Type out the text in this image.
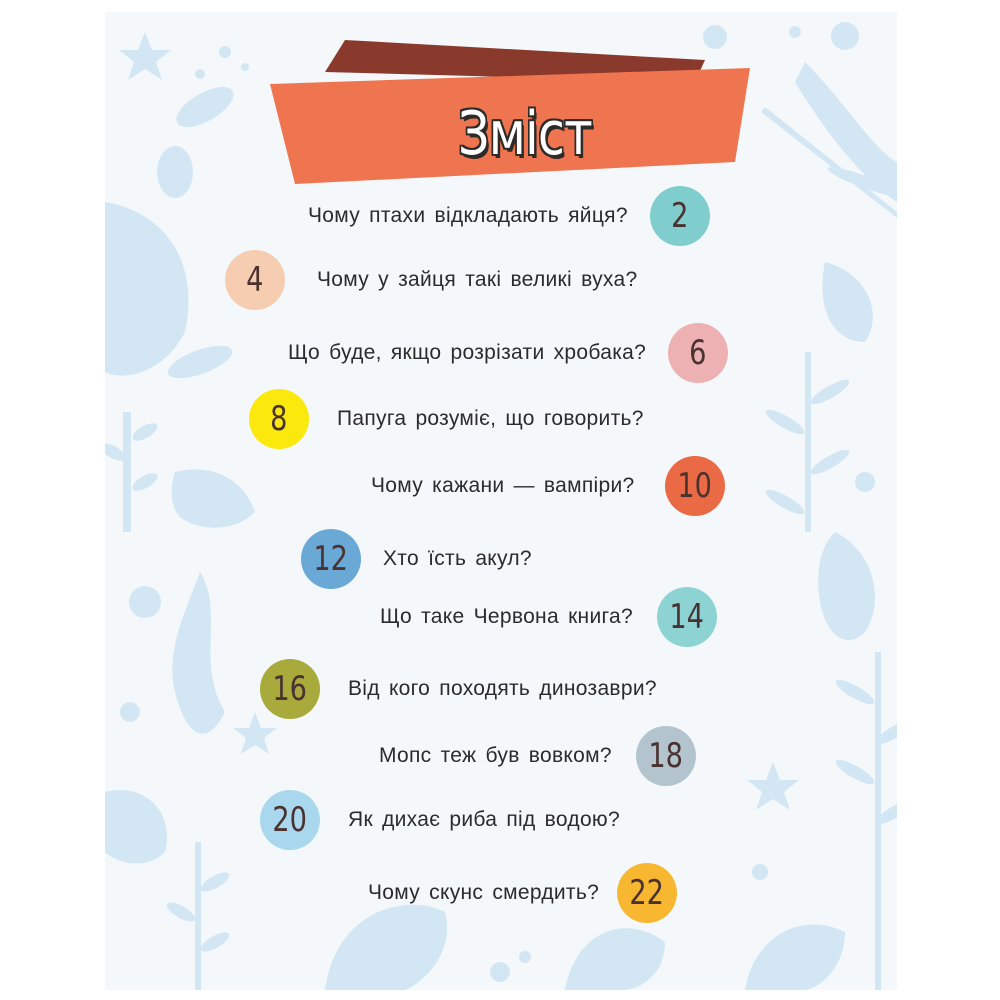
Зміст
Чому птахи відкладають яйця? 2
4	Чому у зайця такі великі вуха?
Що буде, якщо розрізати хробака? 6
8 Папуга розуміє, що говорить?
Чому кажани — вампіри? 10
12 Хто їсть акул?
Що таке Червона книга? 14
16 Від кого походять динозаври?
Мопс теж був вовком? 18
20 Як дихає риба під водою?
Чому скунс смердить? 22
